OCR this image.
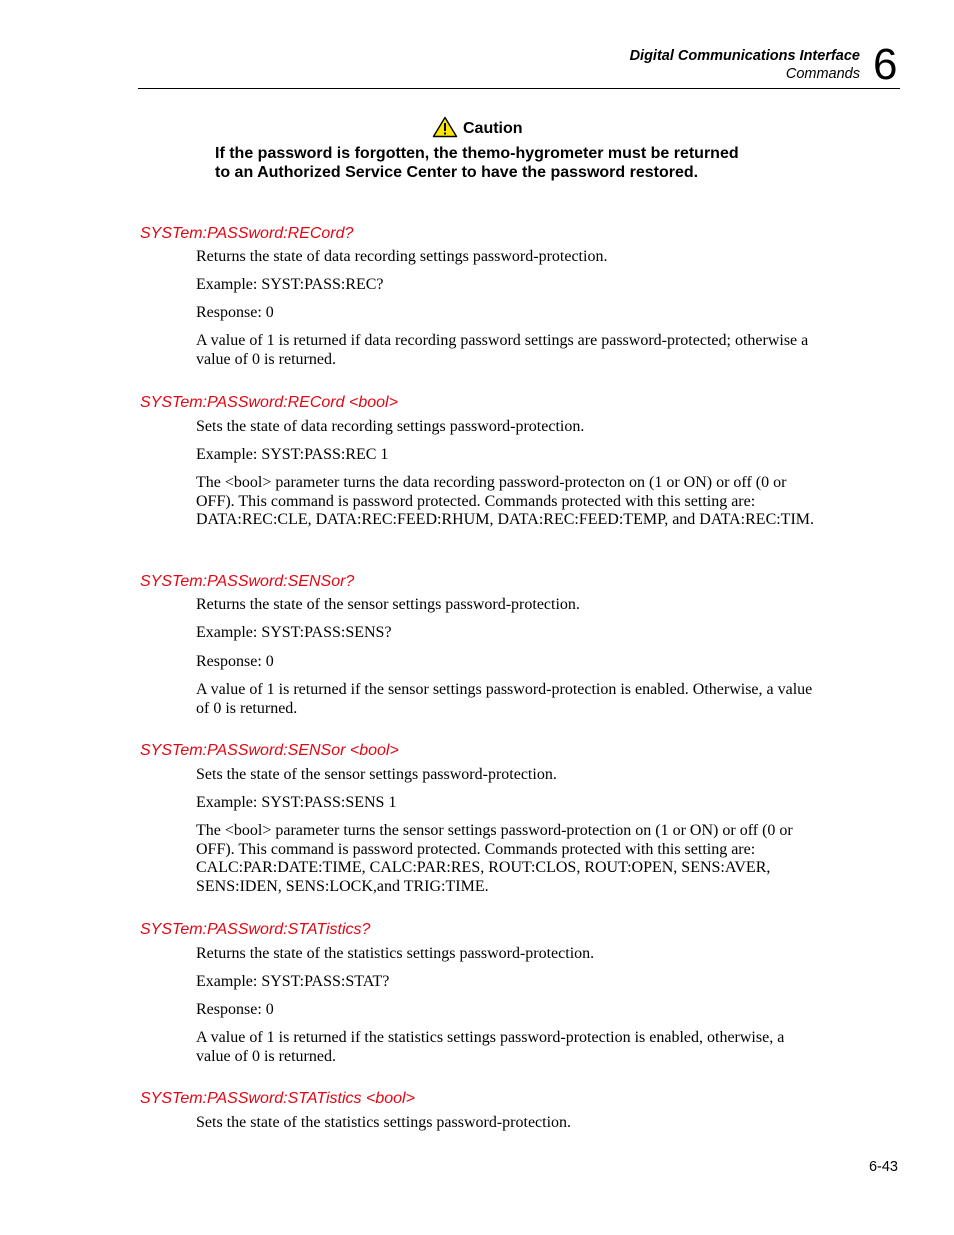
Digital Communications Interface
Commands 6
Caution
If the password is forgotten, the themo-hygrometer must be returned to an Authorized Service Center to have the password restored.
SYSTem:PASSword:RECord?
Returns the state of data recording settings password-protection.
Example: SYST:PASS:REC?
Response: 0
A value of 1 is returned if data recording password settings are password-protected; otherwise a value of 0 is returned.
SYSTem:PASSword:RECord <bool>
Sets the state of data recording settings password-protection.
Example: SYST:PASS:REC 1
The <bool> parameter turns the data recording password-protecton on (1 or ON) or off (0 or OFF). This command is password protected. Commands protected with this setting are: DATA:REC:CLE, DATA:REC:FEED:RHUM, DATA:REC:FEED:TEMP, and DATA:REC:TIM.
SYSTem:PASSword:SENSor?
Returns the state of the sensor settings password-protection.
Example: SYST:PASS:SENS?
Response: 0
A value of 1 is returned if the sensor settings password-protection is enabled. Otherwise, a value of 0 is returned.
SYSTem:PASSword:SENSor <bool>
Sets the state of the sensor settings password-protection.
Example: SYST:PASS:SENS 1
The <bool> parameter turns the sensor settings password-protection on (1 or ON) or off (0 or OFF). This command is password protected. Commands protected with this setting are: CALC:PAR:DATE:TIME, CALC:PAR:RES, ROUT:CLOS, ROUT:OPEN, SENS:AVER, SENS:IDEN, SENS:LOCK,and TRIG:TIME.
SYSTem:PASSword:STATistics?
Returns the state of the statistics settings password-protection.
Example: SYST:PASS:STAT?
Response: 0
A value of 1 is returned if the statistics settings password-protection is enabled, otherwise, a value of 0 is returned.
SYSTem:PASSword:STATistics <bool>
Sets the state of the statistics settings password-protection.
6-43
